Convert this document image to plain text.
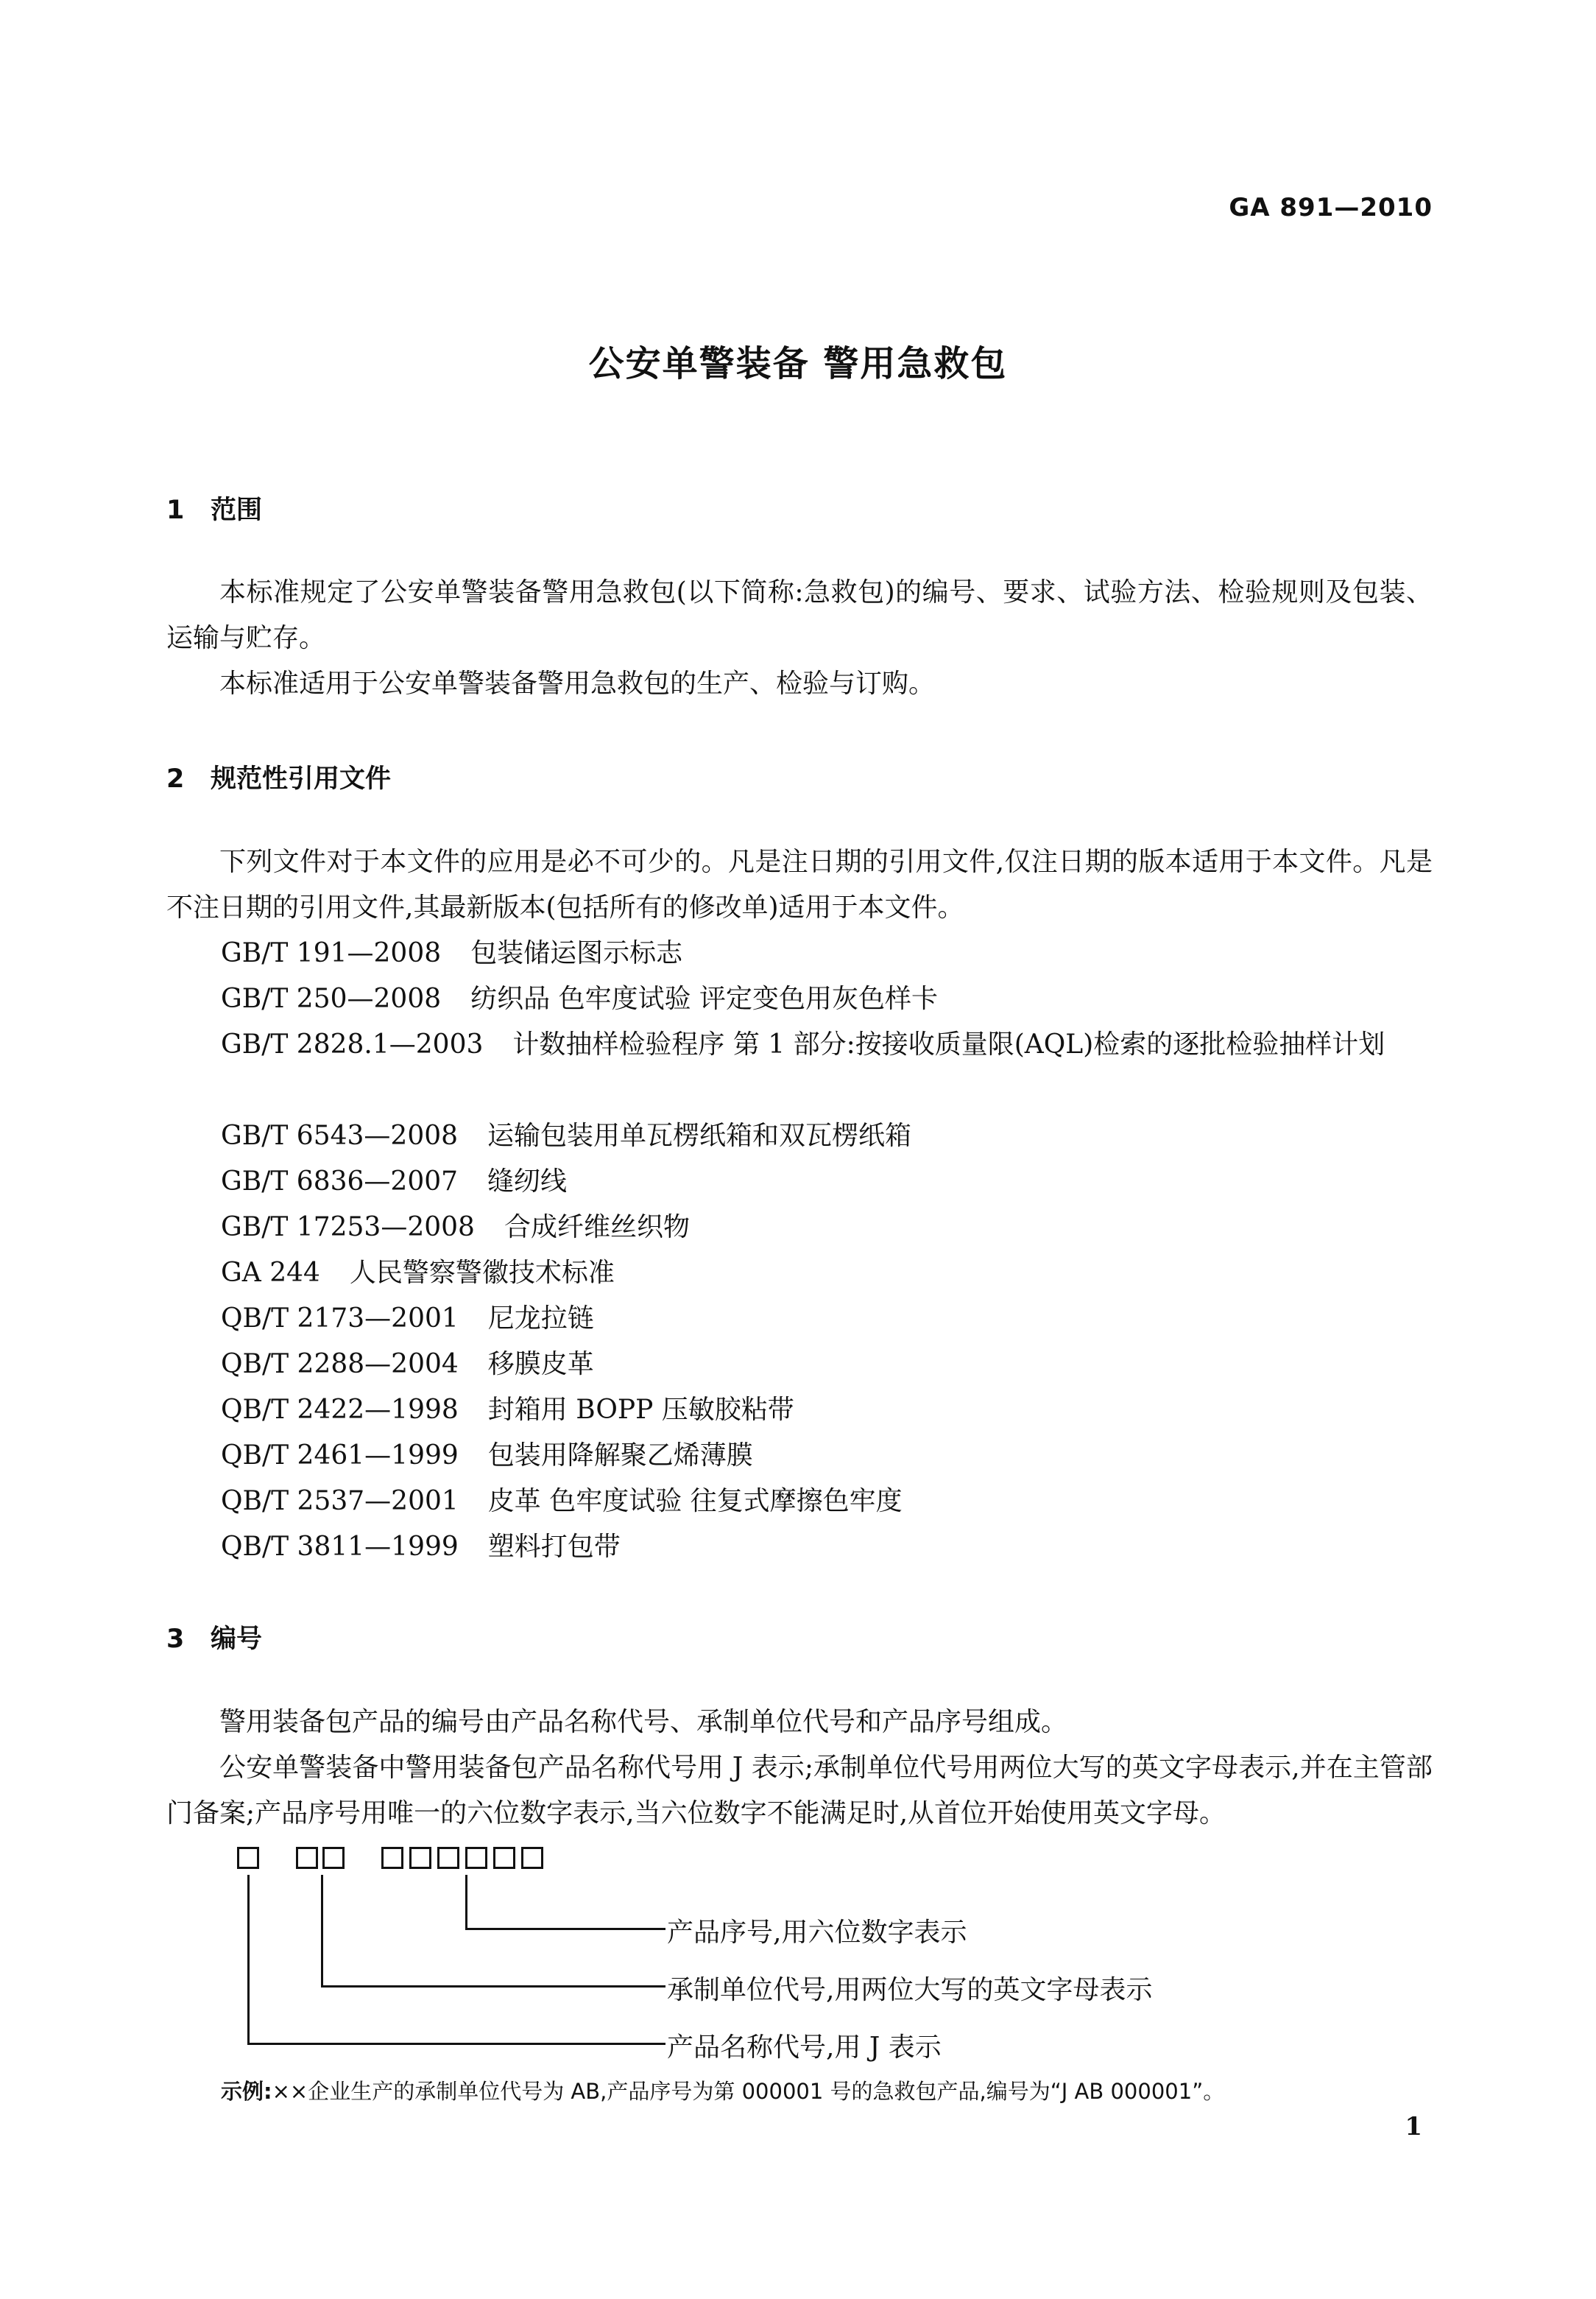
GA 891—2010
公安单警装备 警用急救包
1 范围
本标准规定了公安单警装备警用急救包(以下简称:急救包)的编号、要求、试验方法、检验规则及包装、运输与贮存。
本标准适用于公安单警装备警用急救包的生产、检验与订购。
2 规范性引用文件
下列文件对于本文件的应用是必不可少的。凡是注日期的引用文件,仅注日期的版本适用于本文件。凡是不注日期的引用文件,其最新版本(包括所有的修改单)适用于本文件。
GB/T 191—2008 包装储运图示标志
GB/T 250—2008 纺织品 色牢度试验 评定变色用灰色样卡
GB/T 2828.1—2003 计数抽样检验程序 第 1 部分:按接收质量限(AQL)检索的逐批检验抽样计划
GB/T 6543—2008 运输包装用单瓦楞纸箱和双瓦楞纸箱
GB/T 6836—2007 缝纫线
GB/T 17253—2008 合成纤维丝织物
GA 244 人民警察警徽技术标准
QB/T 2173—2001 尼龙拉链
QB/T 2288—2004 移膜皮革
QB/T 2422—1998 封箱用 BOPP 压敏胶粘带
QB/T 2461—1999 包装用降解聚乙烯薄膜
QB/T 2537—2001 皮革 色牢度试验 往复式摩擦色牢度
QB/T 3811—1999 塑料打包带
3 编号
警用装备包产品的编号由产品名称代号、承制单位代号和产品序号组成。
公安单警装备中警用装备包产品名称代号用 J 表示;承制单位代号用两位大写的英文字母表示,并在主管部门备案;产品序号用唯一的六位数字表示,当六位数字不能满足时,从首位开始使用英文字母。
产品序号,用六位数字表示
承制单位代号,用两位大写的英文字母表示
产品名称代号,用 J 表示
示例:××企业生产的承制单位代号为 AB,产品序号为第 000001 号的急救包产品,编号为“J AB 000001”。
1
